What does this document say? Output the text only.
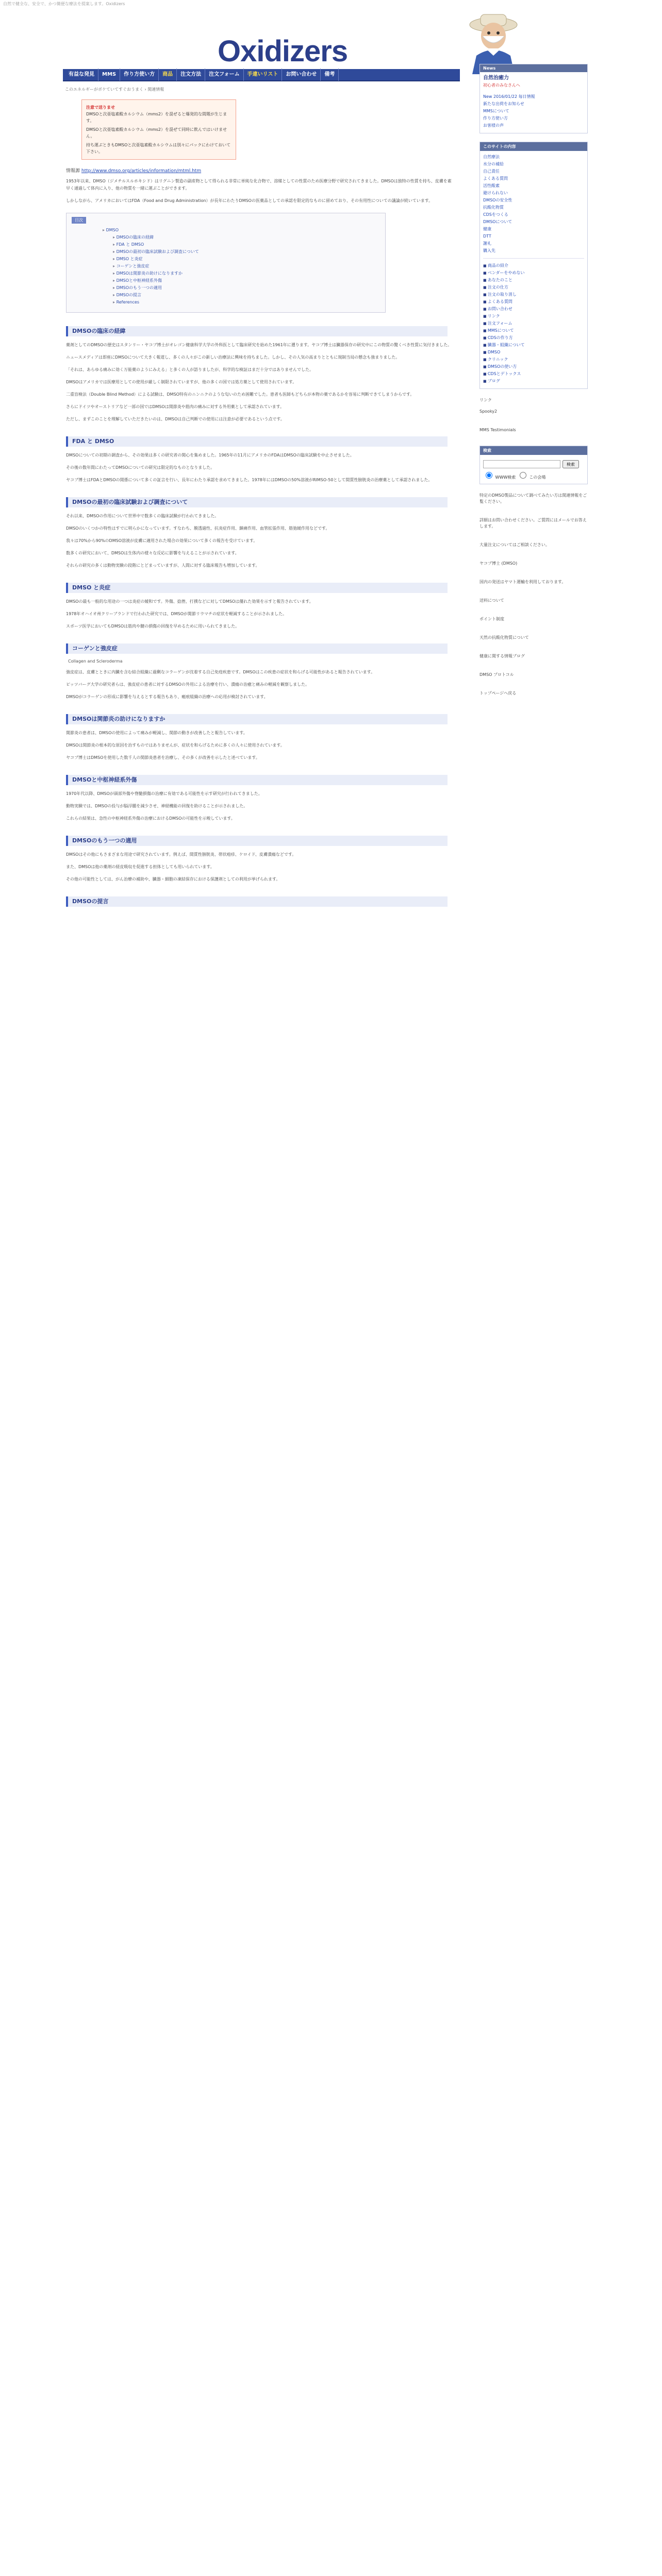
自然で健全な、安全で、かつ簡便な療法を提案します。Oxidizers
Oxidizers
有益な発見	MMS	作り方使い方	商品	注文方法	注文フォーム	手違いリスト	お問い合わせ	備考
このエネルギーがボケていてすぐおうまく › 関連情報
注意で送りませ
DMSOと次亜塩素酸カルシウム（mms2）を混ぜると爆発的な間題が生じます。
DMSOと次亜塩素酸カルシウム（mms2）を混ぜて同時に飲んではいけません。
持ち運ぶときもDMSOと次亜塩素酸カルシウムは別々にパックにわけておいて下さい。
情報源 http://www.dmso.org/articles/information/mtml.htm

1953年以来、DMSO（ジメチルスルホキシド）はリグニン製造の副産物として得られる非常に単純な化合物で、溶媒としての性質のため医療分野で研究されてきました。DMSOは独特の性質を持ち、皮膚を素早く通過して体内に入り、他の物質を一緒に運ぶことができます。

しかしながら、アメリカにおいてはFDA（Food and Drug Administration）が長年にわたりDMSOの医薬品としての承認を限定的なものに留めており、その有用性についての議論が続いています。

目次
▸ DMSO
▸ DMSOの臨床の経緯
▸ FDA と DMSO
▸ DMSOの最初の臨床試験および調査について
▸ DMSO と炎症
▸ コーゲンと強皮症
▸ DMSOは関節炎の助けになりますか
▸ DMSOと中枢神経系外傷
▸ DMSOのもう一つの適用
▸ DMSOの提言
▸ References
DMSOの臨床の経緯

薬剤としてのDMSOの歴史はスタンリー・ヤコブ博士がオレゴン健康科学大学の外科医として臨床研究を始めた1961年に遡ります。ヤコブ博士は臓器保存の研究中にこの物質の驚くべき性質に気付きました。

ニュースメディアは即座にDMSOについて大きく報道し、多くの人々がこの新しい治療法に興味を持ちました。しかし、その人気の高まりとともに規制当局の懸念も強まりました。

「それは、あらゆる痛みに効く万能薬のようにみえる」と多くの人が語りましたが、科学的な検証はまだ十分ではありませんでした。

DMSOはアメリカでは医療用としての使用が厳しく制限されていますが、他の多くの国では処方薬として使用されています。

二重盲検法（Double Blind Method）による試験は、DMSO特有のニンニクのような匂いのため困難でした。患者も医師もどちらが本物の薬であるかを容易に判断できてしまうからです。

さらにドイツやオーストリアなど一部の国ではDMSOは関節炎や筋肉の痛みに対する外用薬として承認されています。

ただし、まずこのことを理解していただきたいのは、DMSOは自己判断での使用には注意が必要であるという点です。

FDA と DMSO

DMSOについての初期の調査から、その効果は多くの研究者の関心を集めました。1965年の11月にアメリカのFDAはDMSOの臨床試験を中止させました。

その後の数年間にわたってDMSOについての研究は限定的なものとなりました。

ヤコブ博士はFDAとDMSOの関係について多くの証言を行い、長年にわたり承認を求めてきました。1978年にはDMSOの50%溶液がRIMSO-50として間質性膀胱炎の治療薬として承認されました。

DMSOの最初の臨床試験および調査について

それ以来、DMSOの作用について世界中で数多くの臨床試験が行われてきました。

DMSOのいくつかの特性はすでに明らかになっています。すなわち、膜透過性、抗炎症作用、鎮痛作用、血管拡張作用、筋弛緩作用などです。

我々は70%から90%のDMSO溶液が皮膚に適用された場合の効果について多くの報告を受けています。

数多くの研究において、DMSOは生体内の様々な反応に影響を与えることが示されています。

それらの研究の多くは動物実験の段階にとどまっていますが、人間に対する臨床報告も増加しています。

DMSO と炎症

DMSOの最も一般的な用途の一つは炎症の緩和です。外傷、捻挫、打撲などに対してDMSOは優れた効果を示すと報告されています。

1978年オハイオ州クリーブランドで行われた研究では、DMSOが関節リウマチの症状を軽減することが示されました。

スポーツ医学においてもDMSOは筋肉や腱の損傷の回復を早めるために用いられてきました。

コーゲンと強皮症
Collagen and Scleroderma

強皮症は、皮膚とときに内臓を含む結合組織に過剰なコラーゲンが沈着する自己免疫疾患です。DMSOはこの疾患の症状を和らげる可能性があると報告されています。

ピッツバーグ大学の研究者らは、強皮症の患者に対するDMSOの外用による治療を行い、潰瘍の治癒と痛みの軽減を観察しました。

DMSOがコラーゲンの形成に影響を与えるとする報告もあり、瘢痕組織の治療への応用が検討されています。

DMSOは関節炎の助けになりますか

関節炎の患者は、DMSOの使用によって痛みが軽減し、関節の動きが改善したと報告しています。

DMSOは関節炎の根本的な原因を治すものではありませんが、症状を和らげるために多くの人々に使用されています。

ヤコブ博士はDMSOを使用した数千人の関節炎患者を治療し、その多くが改善を示したと述べています。

DMSOと中枢神経系外傷

1970年代以降、DMSOが頭部外傷や脊髄損傷の治療に有効である可能性を示す研究が行われてきました。

動物実験では、DMSOの投与が脳浮腫を減少させ、神経機能の回復を助けることが示されました。

これらの結果は、急性の中枢神経系外傷の治療におけるDMSOの可能性を示唆しています。

DMSOのもう一つの適用

DMSOはその他にもさまざまな用途で研究されています。例えば、間質性膀胱炎、帯状疱疹、ケロイド、皮膚潰瘍などです。

また、DMSOは他の薬剤の経皮吸収を促進する担体としても用いられています。

その他の可能性としては、がん治療の補助や、臓器・細胞の凍結保存における保護剤としての利用が挙げられます。

DMSOの提言
News
自然治癒力
初心者のみなさんへ
New 2016/01/22 毎日情報
新たな出荷をお知らせ
MMSについて
作り方使い方
お客様の声
このサイトの内容
自然療法
水分の補給
自己責任
よくある質問
活性酸素
避けられない
DMSOの安全性
抗酸化物質
CDSをつくる
DMSOについて
健康
DTT
謝礼
購入先
■ 商品の紹介
■ ベンダーをやめない
■ あなたのこと
■ 注文の仕方
■ 注文の取り消し
■ よくある質問
■ お問い合わせ
■ リンク
■ 注文フォーム
■ MMSについて
■ CDSの作り方
■ 臓器・組織について
■ DMSO
■ クリニック
■ DMSOの使い方
■ CDSとデトックス
■ ブログ
リンク
Spooky2
MMS Testimonials
検索
検索
WWW検索	この会場
特定のDMSO製品について調べてみたい方は関連情報をご覧ください。
詳細はお問い合わせください。ご質問にはメールでお答えします。
大量注文についてはご相談ください。
ヤコブ博士 (DMSO)
国内の発送はヤマト運輸を利用しております。
送料について
ポイント制度
天然の抗酸化物質について
健康に関する情報ブログ
DMSO プロトコル
トップページへ戻る
